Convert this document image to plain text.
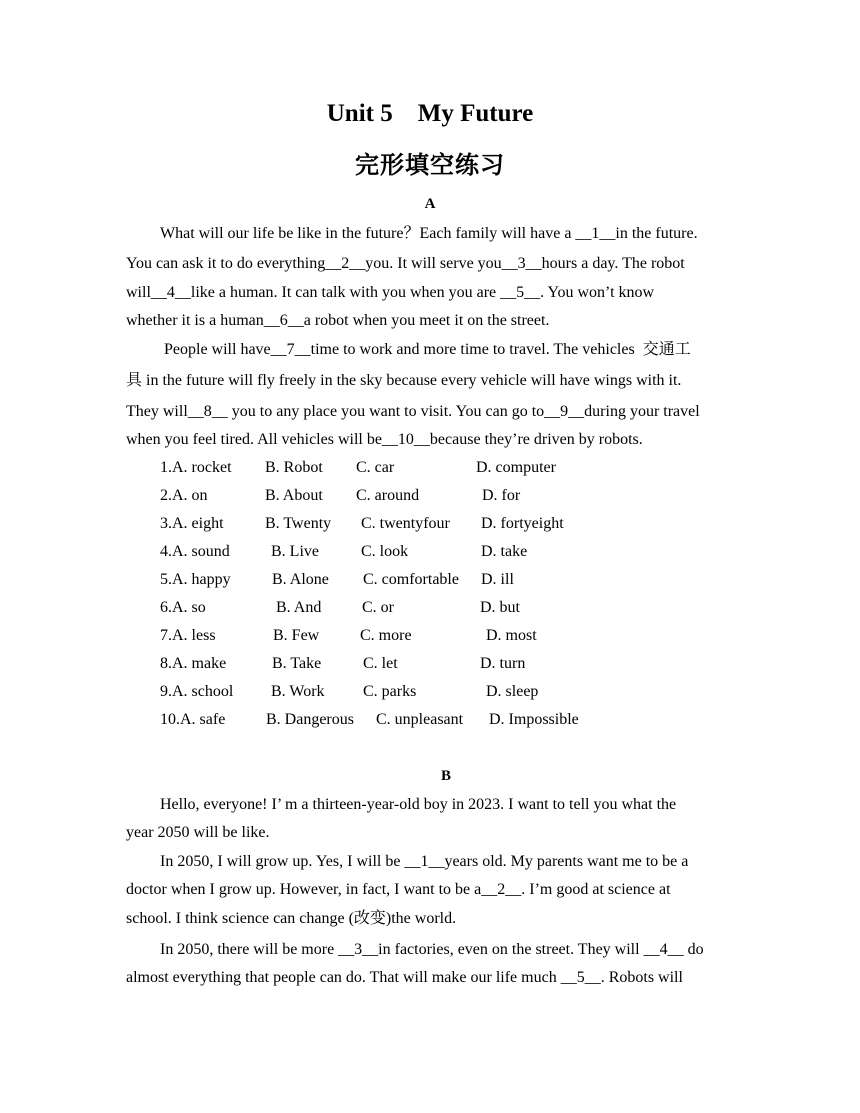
Unit 5    My Future
完形填空练习
A
What will our life be like in the future？Each family will have a __1__in the future.
You can ask it to do everything__2__you. It will serve you__3__hours a day. The robot
will__4__like a human. It can talk with you when you are __5__. You won’t know
whether it is a human__6__a robot when you meet it on the street.
People will have__7__time to work and more time to travel. The vehicles  交通工
具 in the future will fly freely in the sky because every vehicle will have wings with it.
They will__8__ you to any place you want to visit. You can go to__9__during your travel
when you feel tired. All vehicles will be__10__because they’re driven by robots.
1.A. rocket B. Robot C. car	D. computer
2.A. on	B. About C. around	D. for
3.A. eight	B. Twenty C. twentyfour D. fortyeight
4.A. sound	B. Live	C. look	D. take
5.A. happy	B. Alone C. comfortable D. ill
6.A. so	B. And	C. or	D. but
7.A. less	B. Few	C. more	D. most
8.A. make	B. Take	C. let	D. turn
9.A. school B. Work C. parks	D. sleep
10.A. safe	B. Dangerous C. unpleasant D. Impossible
B
Hello, everyone! I’ m a thirteen-year-old boy in 2023. I want to tell you what the
year 2050 will be like.
In 2050, I will grow up. Yes, I will be __1__years old. My parents want me to be a
doctor when I grow up. However, in fact, I want to be a__2__. I’m good at science at
school. I think science can change (改变)the world.
In 2050, there will be more __3__in factories, even on the street. They will __4__ do
almost everything that people can do. That will make our life much __5__. Robots will
